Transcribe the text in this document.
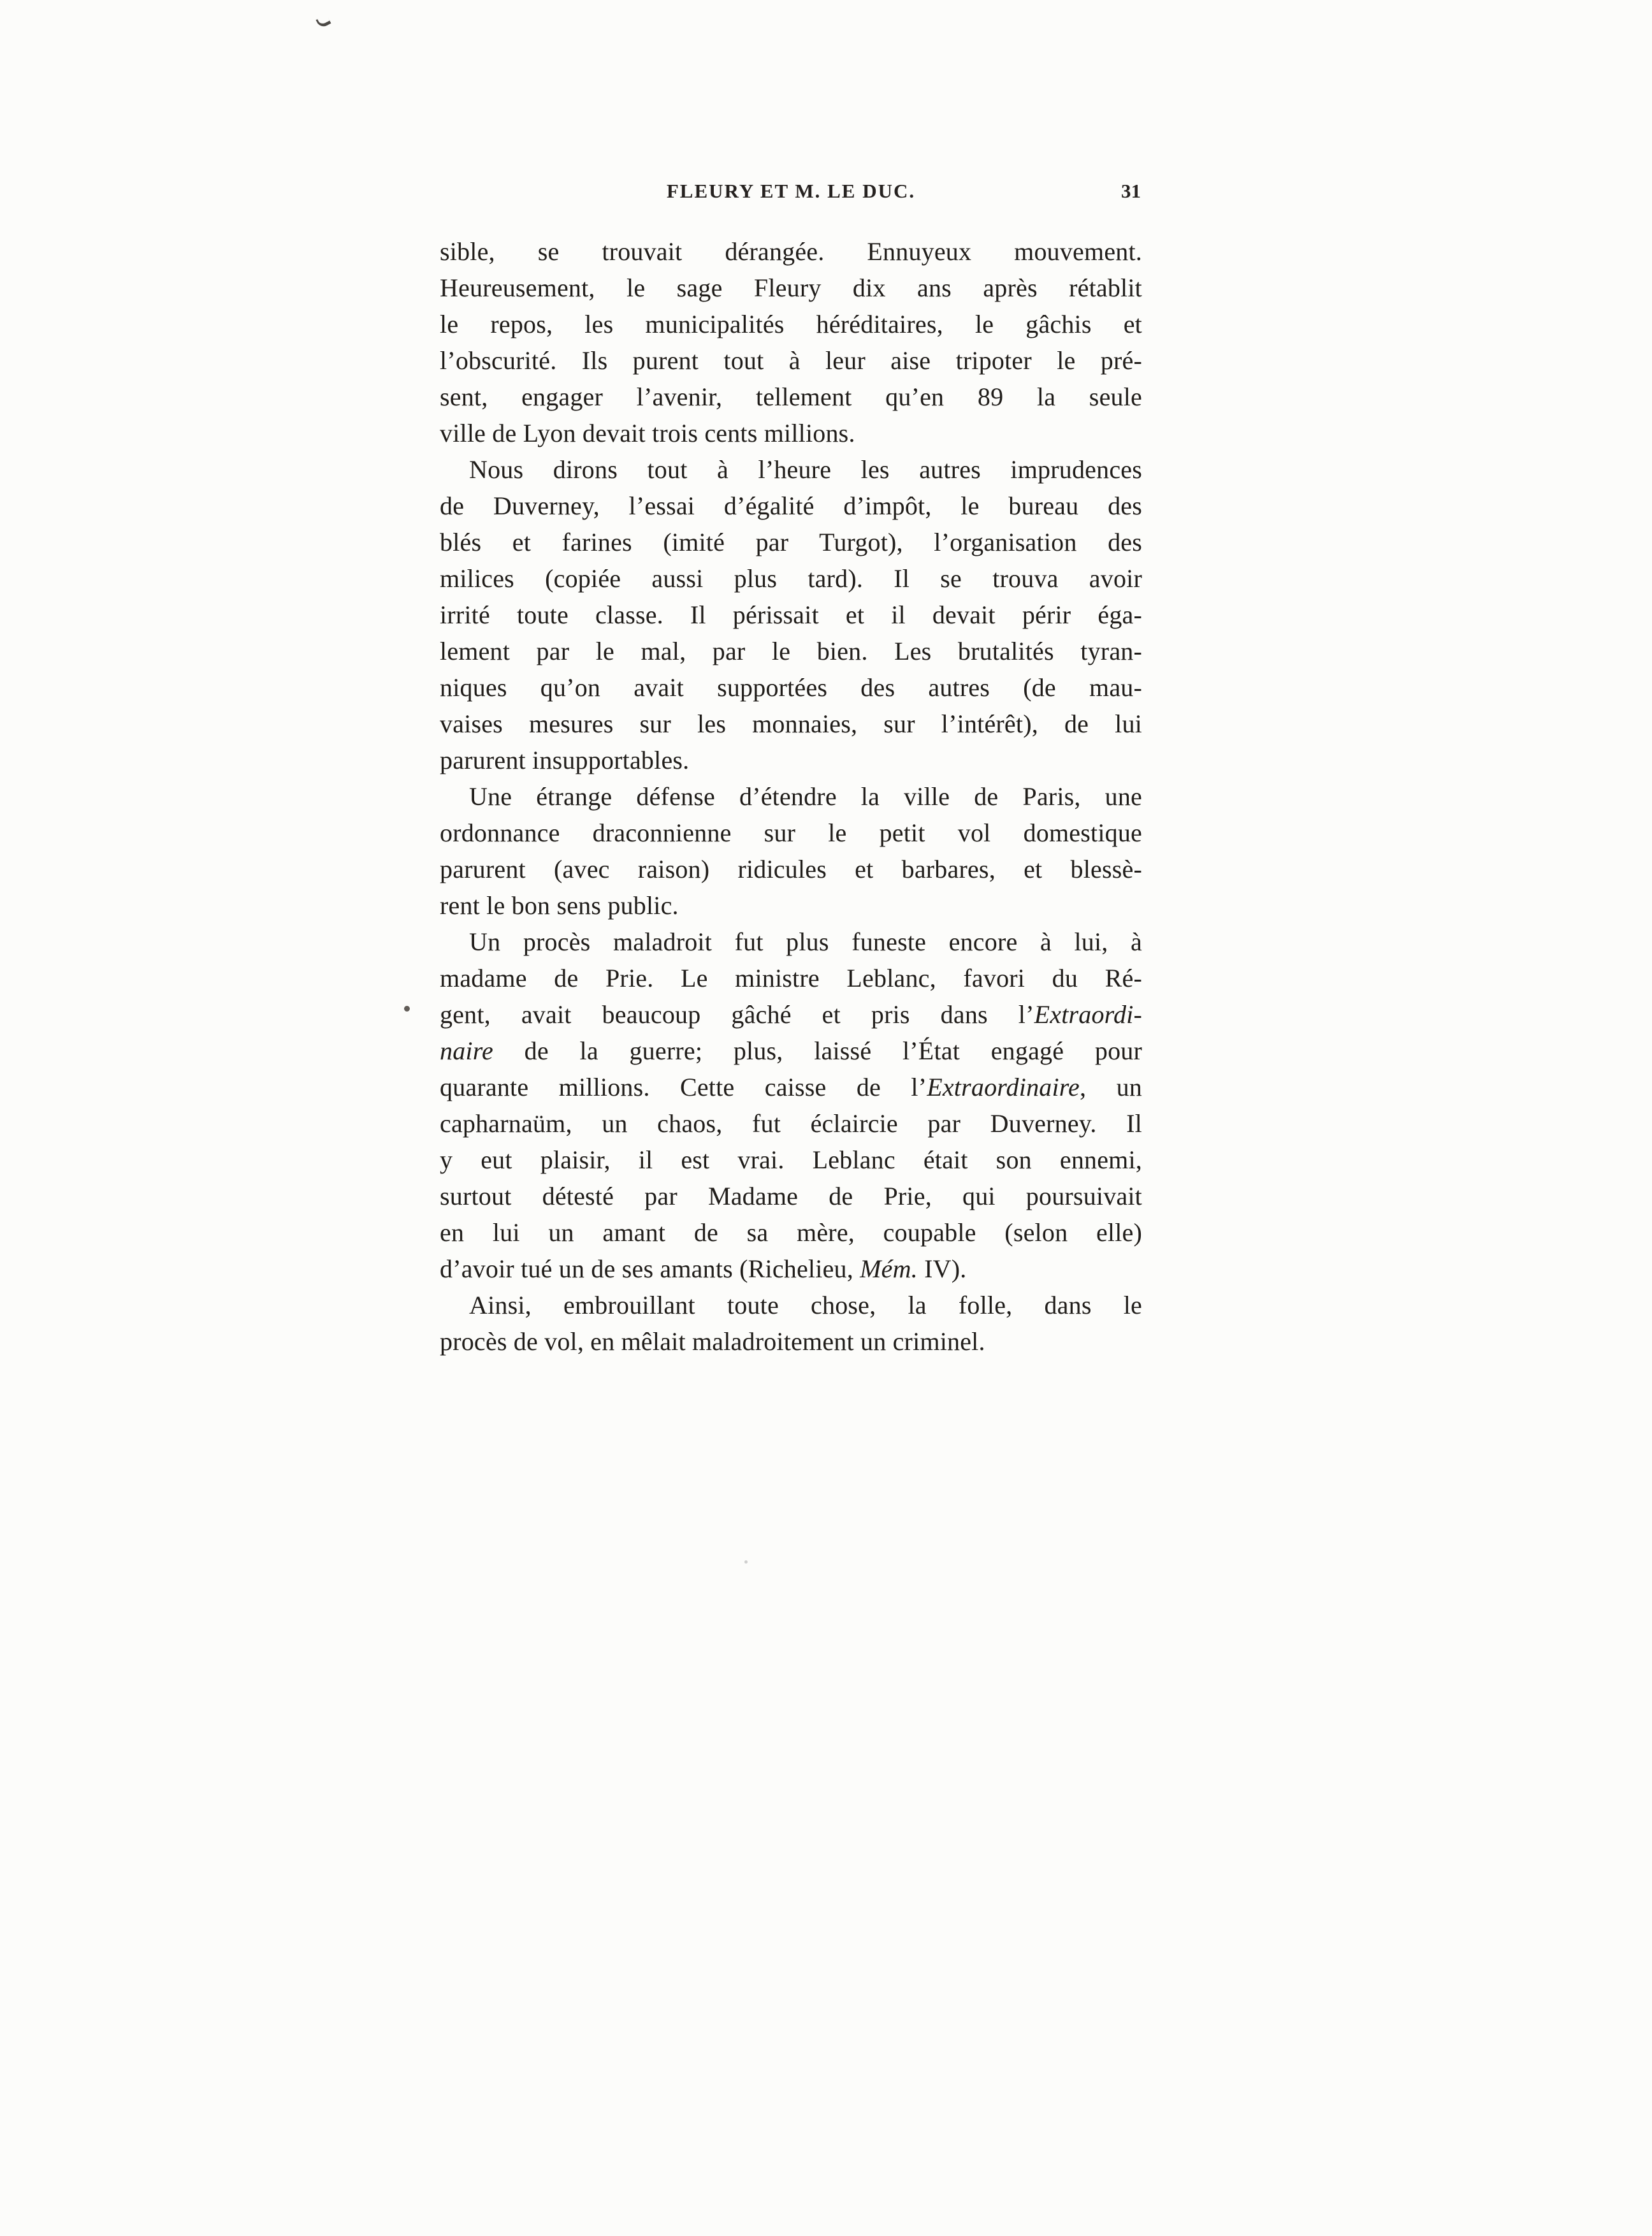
FLEURY ET M. LE DUC.	31
sible, se trouvait dérangée. Ennuyeux mouvement.
Heureusement, le sage Fleury dix ans après rétablit
le repos, les municipalités héréditaires, le gâchis et
l’obscurité. Ils purent tout à leur aise tripoter le pré-
sent, engager l’avenir, tellement qu’en 89 la seule
ville de Lyon devait trois cents millions.
Nous dirons tout à l’heure les autres imprudences
de Duverney, l’essai d’égalité d’impôt, le bureau des
blés et farines (imité par Turgot), l’organisation des
milices (copiée aussi plus tard). Il se trouva avoir
irrité toute classe. Il périssait et il devait périr éga-
lement par le mal, par le bien. Les brutalités tyran-
niques qu’on avait supportées des autres (de mau-
vaises mesures sur les monnaies, sur l’intérêt), de lui
parurent insupportables.
Une étrange défense d’étendre la ville de Paris, une
ordonnance draconnienne sur le petit vol domestique
parurent (avec raison) ridicules et barbares, et blessè-
rent le bon sens public.
Un procès maladroit fut plus funeste encore à lui, à
madame de Prie. Le ministre Leblanc, favori du Ré-
gent, avait beaucoup gâché et pris dans l’Extraordi-
naire de la guerre; plus, laissé l’État engagé pour
quarante millions. Cette caisse de l’Extraordinaire, un
capharnaüm, un chaos, fut éclaircie par Duverney. Il
y eut plaisir, il est vrai. Leblanc était son ennemi,
surtout détesté par Madame de Prie, qui poursuivait
en lui un amant de sa mère, coupable (selon elle)
d’avoir tué un de ses amants (Richelieu, Mém. IV).
Ainsi, embrouillant toute chose, la folle, dans le
procès de vol, en mêlait maladroitement un criminel.
